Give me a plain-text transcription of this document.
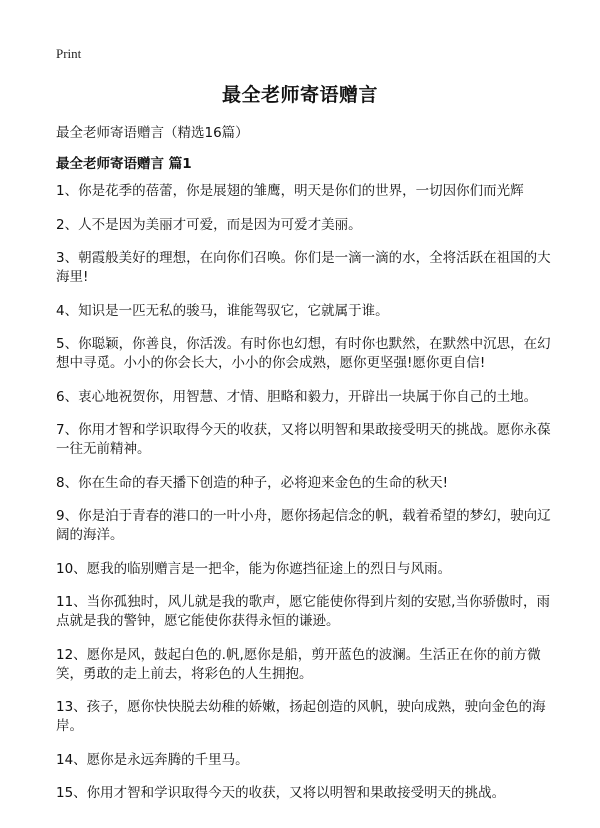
Print
最全老师寄语赠言

最全老师寄语赠言（精选16篇）

最全老师寄语赠言 篇1

1、你是花季的蓓蕾，你是展翅的雏鹰，明天是你们的世界，一切因你们而光辉
2、人不是因为美丽才可爱，而是因为可爱才美丽。
3、朝霞般美好的理想，在向你们召唤。你们是一滴一滴的水，全将活跃在祖国的大海里!
4、知识是一匹无私的骏马，谁能驾驭它，它就属于谁。
5、你聪颖，你善良，你活泼。有时你也幻想，有时你也默然，在默然中沉思，在幻想中寻觅。小小的你会长大，小小的你会成熟，愿你更坚强!愿你更自信!
6、衷心地祝贺你，用智慧、才情、胆略和毅力，开辟出一块属于你自己的土地。
7、你用才智和学识取得今天的收获，又将以明智和果敢接受明天的挑战。愿你永葆一往无前精神。
8、你在生命的春天播下创造的种子，必将迎来金色的生命的秋天!
9、你是泊于青春的港口的一叶小舟，愿你扬起信念的帆，载着希望的梦幻，驶向辽阔的海洋。
10、愿我的临别赠言是一把伞，能为你遮挡征途上的烈日与风雨。
11、当你孤独时，风儿就是我的歌声，愿它能使你得到片刻的安慰,当你骄傲时，雨点就是我的警钟，愿它能使你获得永恒的谦逊。
12、愿你是风，鼓起白色的.帆,愿你是船，剪开蓝色的波澜。生活正在你的前方微笑，勇敢的走上前去，将彩色的人生拥抱。
13、孩子，愿你快快脱去幼稚的娇嫩，扬起创造的风帆，驶向成熟，驶向金色的海岸。
14、愿你是永远奔腾的千里马。
15、你用才智和学识取得今天的收获，又将以明智和果敢接受明天的挑战。
